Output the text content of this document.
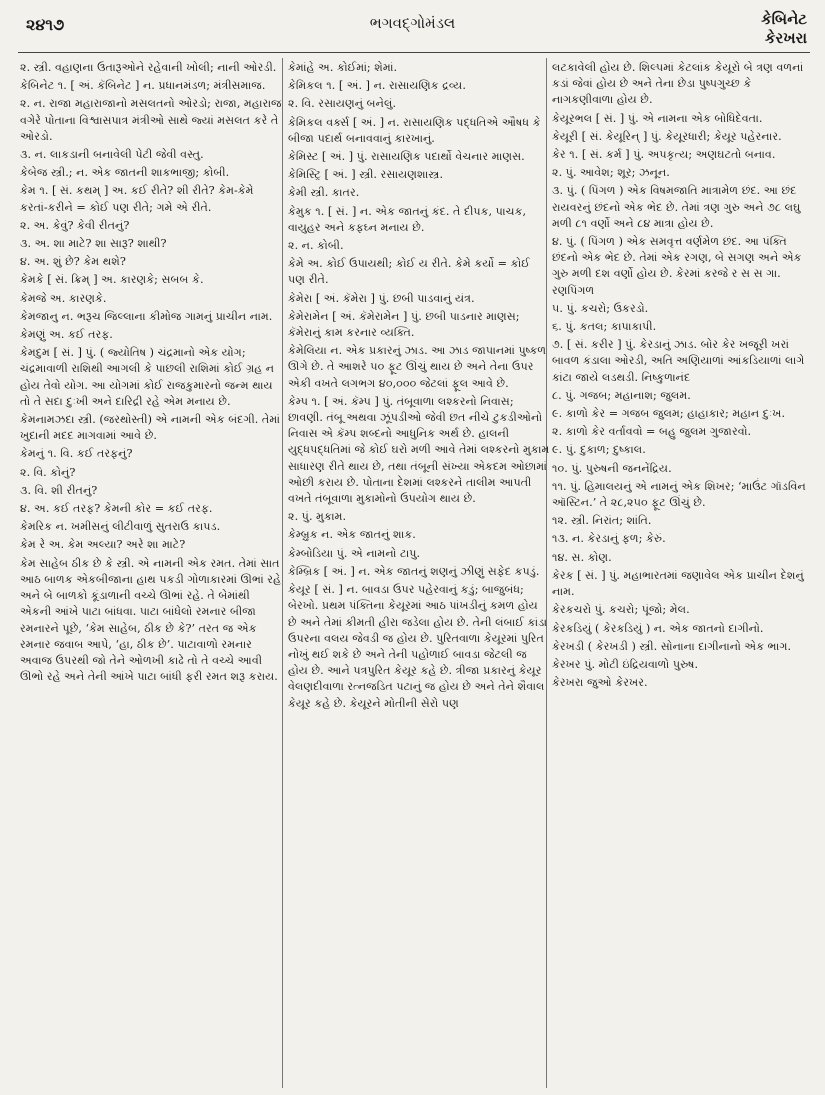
૨૪૧૭	ભગવદ્ગોમંડલ	કેબિનેટ
કેરખરા
૨. સ્ત્રી. વહાણના ઉતારૂઓને રહેવાની ખોલી; નાની ઓરડી.
કેબિનેટ ૧. [ અં. કૅબિનેટ ] ન. પ્રધાનમંડળ; મંત્રીસમાજ.
૨. ન. રાજા મહારાજાનો મસલતનો ઓરડો; રાજા, મહારાજ વગેરે પોતાના વિશ્વાસપાત્ર મંત્રીઓ સાથે જ્યાં મસલત કરે તે ઓરડો.
૩. ન. લાકડાની બનાવેલી પેટી જેવી વસ્તુ.
કેબેજ સ્ત્રી.; ન. એક જાતની શાકભાજી; કોબી.
કેમ ૧. [ સં. કથમ્ ] અ. કઈ રીતે? શી રીતે? કેમ-કેમે કરતાં-કરીને = કોઈ પણ રીતે; ગમે એ રીતે.
૨. અ. કેવું? કેવી રીતનું?
૩. અ. શા માટે? શા સારૂ? શાથી?
૪. અ. શું છે? કેમ થશે?
કેમકે [ સં. ક્રિમ્ ] અ. કારણકે; સબબ કે.
કેમજે અ. કારણકે.
કેમજાનુ ન. ભરૂચ જિલ્લાના કીમોજ ગામનું પ્રાચીન નામ.
કેમણું અ. કઈ તરફ.
કેમદુમ [ સં. ] પું. ( જ્યોતિષ ) ચંદ્રમાનો એક યોગ; ચંદ્રમાવાળી રાશિથી આગલી કે પાછલી રાશિમાં કોઈ ગ્રહ ન હોય તેવો યોગ. આ યોગમાં કોઈ રાજકુમારનો જન્મ થાય તો તે સદા દુઃખી અને દારિદ્રી રહે એમ મનાય છે.
કેમનામઝદા સ્ત્રી. (જરથોસ્તી) એ નામની એક બંદગી. તેમાં ખુદાની મદદ માગવામાં આવે છે.
કેમનું ૧. વિ. કઈ તરફનું?
૨. વિ. કોનું?
૩. વિ. શી રીતનું?
૪. અ. કઈ તરફ? કેમની કોર = કઈ તરફ.
કેમરિક ન. ખમીસનું લીટીવાળું સુતરાઉ કાપડ.
કેમ રે અ. કેમ અલ્યા? અરે શા માટે?
કેમ સાહેબ ઠીક છે કે સ્ત્રી. એ નામની એક રમત. તેમાં સાત આઠ બાળક એકબીજાના હાથ પકડી ગોળાકારમાં ઊભાં રહે અને બે બાળકો કૂંડાળાની વચ્ચે ઊભાં રહે. તે બેમાંથી એકની આંખે પાટા બાંધવા. પાટા બાંધેલો રમનાર બીજા રમનારને પૂછે, ‘કેમ સાહેબ, ઠીક છે કે?’ તરત જ એક રમનાર જવાબ આપે, ‘હા, ઠીક છે’. પાટાવાળો રમનાર અવાજ ઉપરથી જો તેને ઓળખી કાઢે તો તે વચ્ચે આવી ઊભો રહે અને તેની આંખે પાટા બાંધી ફરી રમત શરૂ કરાય.
કેમાંહે અ. કોઈમાં; શેમાં.
કેમિકલ ૧. [ અં. ] ન. રાસાયણિક દ્રવ્ય.
૨. વિ. રસાયણનું બનેલું.
કેમિકલ વર્ક્સ [ અં. ] ન. રાસાયણિક પદ્ધતિએ ઔષધ કે બીજા પદાર્થ બનાવવાનું કારખાનું.
કેમિસ્ટ [ અં. ] પું. રાસાયણિક પદાર્થો વેચનાર માણસ.
કેમિસ્ટ્રિ [ અં. ] સ્ત્રી. રસાયણશાસ્ત્ર.
કેમી સ્ત્રી. કાતર.
કેમુક ૧. [ સં. ] ન. એક જાતનું કંદ. તે દીપક, પાચક, વાયુહર અને કફઘ્ન મનાય છે.
૨. ન. કોબી.
કેમે અ. કોઈ ઉપાયથી; કોઈ ય રીતે. કેમે કર્યો = કોઈ પણ રીતે.
કેમેરા [ અં. કૅમેરા ] પું. છબી પાડવાનું યંત્ર.
કેમેરામેન [ અં. કૅમેરામેન ] પું. છબી પાડનાર માણસ; કૅમેરાનું કામ કરનાર વ્યક્તિ.
કેમેલિયા ન. એક પ્રકારનું ઝાડ. આ ઝાડ જાપાનમાં પુષ્કળ ઊગે છે. તે આશરે ૫૦ ફૂટ ઊંચું થાય છે અને તેના ઉપર એકી વખતે લગભગ ૪૦,૦૦૦ જેટલાં ફૂલ આવે છે.
કેમ્પ ૧. [ અં. કૅમ્પ ] પું. તંબૂવાળા લશ્કરનો નિવાસ; છાવણી. તંબૂ અથવા ઝૂંપડીઓ જેવી છત નીચે ટુકડીઓનો નિવાસ એ કૅમ્પ શબ્દનો આધુનિક અર્થ છે. હાલની યુદ્ધપદ્ધતિમાં જે કોઈ ઘરો મળી આવે તેમાં લશ્કરનો મુકામ સાધારણ રીતે થાય છે, તથા તંબૂની સંખ્યા એકદમ ઓછામાં ઓછી કરાય છે. પોતાના દેશમાં લશ્કરને તાલીમ આપતી વખતે તંબૂવાળા મુકામોનો ઉપયોગ થાય છે.
૨. પું. મુકામ.
કેમ્બ્રુક ન. એક જાતનું શાક.
કેમ્બોડિયા પું. એ નામનો ટાપુ.
કેમ્બ્રિક [ અં. ] ન. એક જાતનું શણનું ઝીણું સફેદ કપડું.
કેયૂર [ સં. ] ન. બાવડા ઉપર પહેરવાનું કડું; બાજુબંધ; બેરખો. પ્રથમ પંક્તિના કેયૂરમાં આઠ પાંખડીનું કમળ હોય છે અને તેમાં કીમતી હીરા જડેલા હોય છે. તેની લંબાઈ કાંડા ઉપરના વલય જેવડી જ હોય છે. પુરિતવાળા કેયૂરમાં પુરિત નોખું થઈ શકે છે અને તેની પહોળાઈ બાવડા જેટલી જ હોય છે. આને પત્રપુરિત કેયૂર કહે છે. ત્રીજા પ્રકારનું કેયૂર વેલણદીવાળા રત્નજડિત પટાનું જ હોય છે અને તેને શૈવાલ કેયૂર કહે છે. કેયૂરને મોતીની સેરો પણ
લટકાવેલી હોય છે. શિલ્પમાં કેટલાંક કેયૂરો બે ત્રણ વળનાં કડાં જેવાં હોય છે અને તેના છેડા પુષ્પગુચ્છ કે નાગકણીવાળા હોય છે.
કેયૂરભલ [ સં. ] પું. એ નામના એક બોધિદેવતા.
કેયૂરી [ સં. કેયૂરિન્ ] પું. કેયૂરધારી; કેયૂર પહેરનાર.
કેર ૧. [ સં. કર્મ ] પું. અપકૃત્ય; અણઘટતો બનાવ.
૨. પું. આવેશ; શૂર; ઝનૂન.
૩. પું. ( પિંગળ ) એક વિષમજાતિ માત્રામેળ છંદ. આ છંદ રાયવરનું છંદનો એક ભેદ છે. તેમાં ત્રણ ગુરુ અને ૭૮ લઘુ મળી ૮૧ વર્ણો અને ૮૪ માત્રા હોય છે.
૪. પું. ( પિંગળ ) એક સમવૃત્ત વર્ણમેળ છંદ. આ પંક્તિ છંદનો એક ભેદ છે. તેમાં એક રગણ, બે સગણ અને એક ગુરુ મળી દશ વર્ણો હોય છે. કેરમાં કરજે ર સ સ ગા. રણપિંગળ
૫. પું. કચરો; ઉકરડો.
૬. પું. કતલ; કાપાકાપી.
૭. [ સં. કરીર ] પું. કેરડાનું ઝાડ. બોર કેર ખજૂરી ખરાં બાવળ કંડાલા ઓરડી, અતિ અણિયાળાં આંકડિયાળાં લાગે કાંટા જાયે લડથડી. નિષ્કુળાનંદ
૮. પું. ગજબ; મહાનાશ; જુલમ.
૯. કાળો કેર = ગજબ જુલમ; હાહાકાર; મહાન દુઃખ.
૨. કાળો કેર વર્તાવવો = બહુ જુલમ ગુજારવો.
૯. પું. દુકાળ; દુષ્કાલ.
૧૦. પું. પુરુષની જનનેંદ્રિય.
૧૧. પું. હિમાલયનું એ નામનું એક શિખર; ‘માઉંટ ગૉડવિન ઑસ્ટિન.’ તે ૨૮,૨૫૦ ફૂટ ઊંચું છે.
૧૨. સ્ત્રી. નિરાંત; શાંતિ.
૧૩. ન. કેરડાનું ફળ; કેરું.
૧૪. સ. કોણ.
કેરક [ સં. ] પું. મહાભારતમાં જણાવેલ એક પ્રાચીન દેશનું નામ.
કેરકચરો પું. કચરો; પૂંજો; મેલ.
કેરકડિયું ( કેરકડિયું ) ન. એક જાતનો દાગીનો.
કેરખડી ( કેરખડી ) સ્ત્રી. સોનાના દાગીનાનો એક ભાગ.
કેરખર પું. મોટી ઇંદ્રિયવાળો પુરુષ.
કેરખરા જુઓ કેરખર.
